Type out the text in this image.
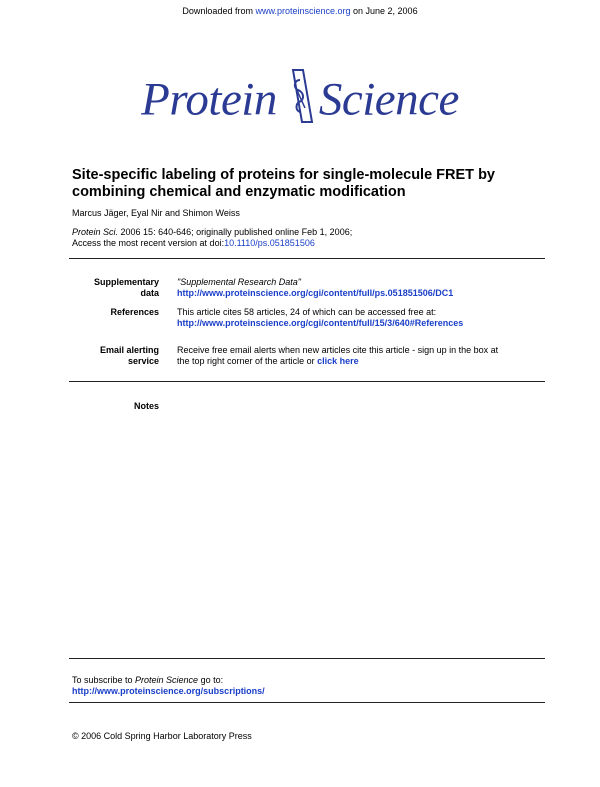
Downloaded from www.proteinscience.org on June 2, 2006
Protein Science
Site-specific labeling of proteins for single-molecule FRET by combining chemical and enzymatic modification
Marcus Jäger, Eyal Nir and Shimon Weiss
Protein Sci. 2006 15: 640-646; originally published online Feb 1, 2006;
Access the most recent version at doi:10.1110/ps.051851506
Supplementary
data
"Supplemental Research Data"
http://www.proteinscience.org/cgi/content/full/ps.051851506/DC1
References This article cites 58 articles, 24 of which can be accessed free at:
http://www.proteinscience.org/cgi/content/full/15/3/640#References
Email alerting
service
Receive free email alerts when new articles cite this article - sign up in the box at
the top right corner of the article or click here
Notes
To subscribe to Protein Science go to:
http://www.proteinscience.org/subscriptions/
© 2006 Cold Spring Harbor Laboratory Press
